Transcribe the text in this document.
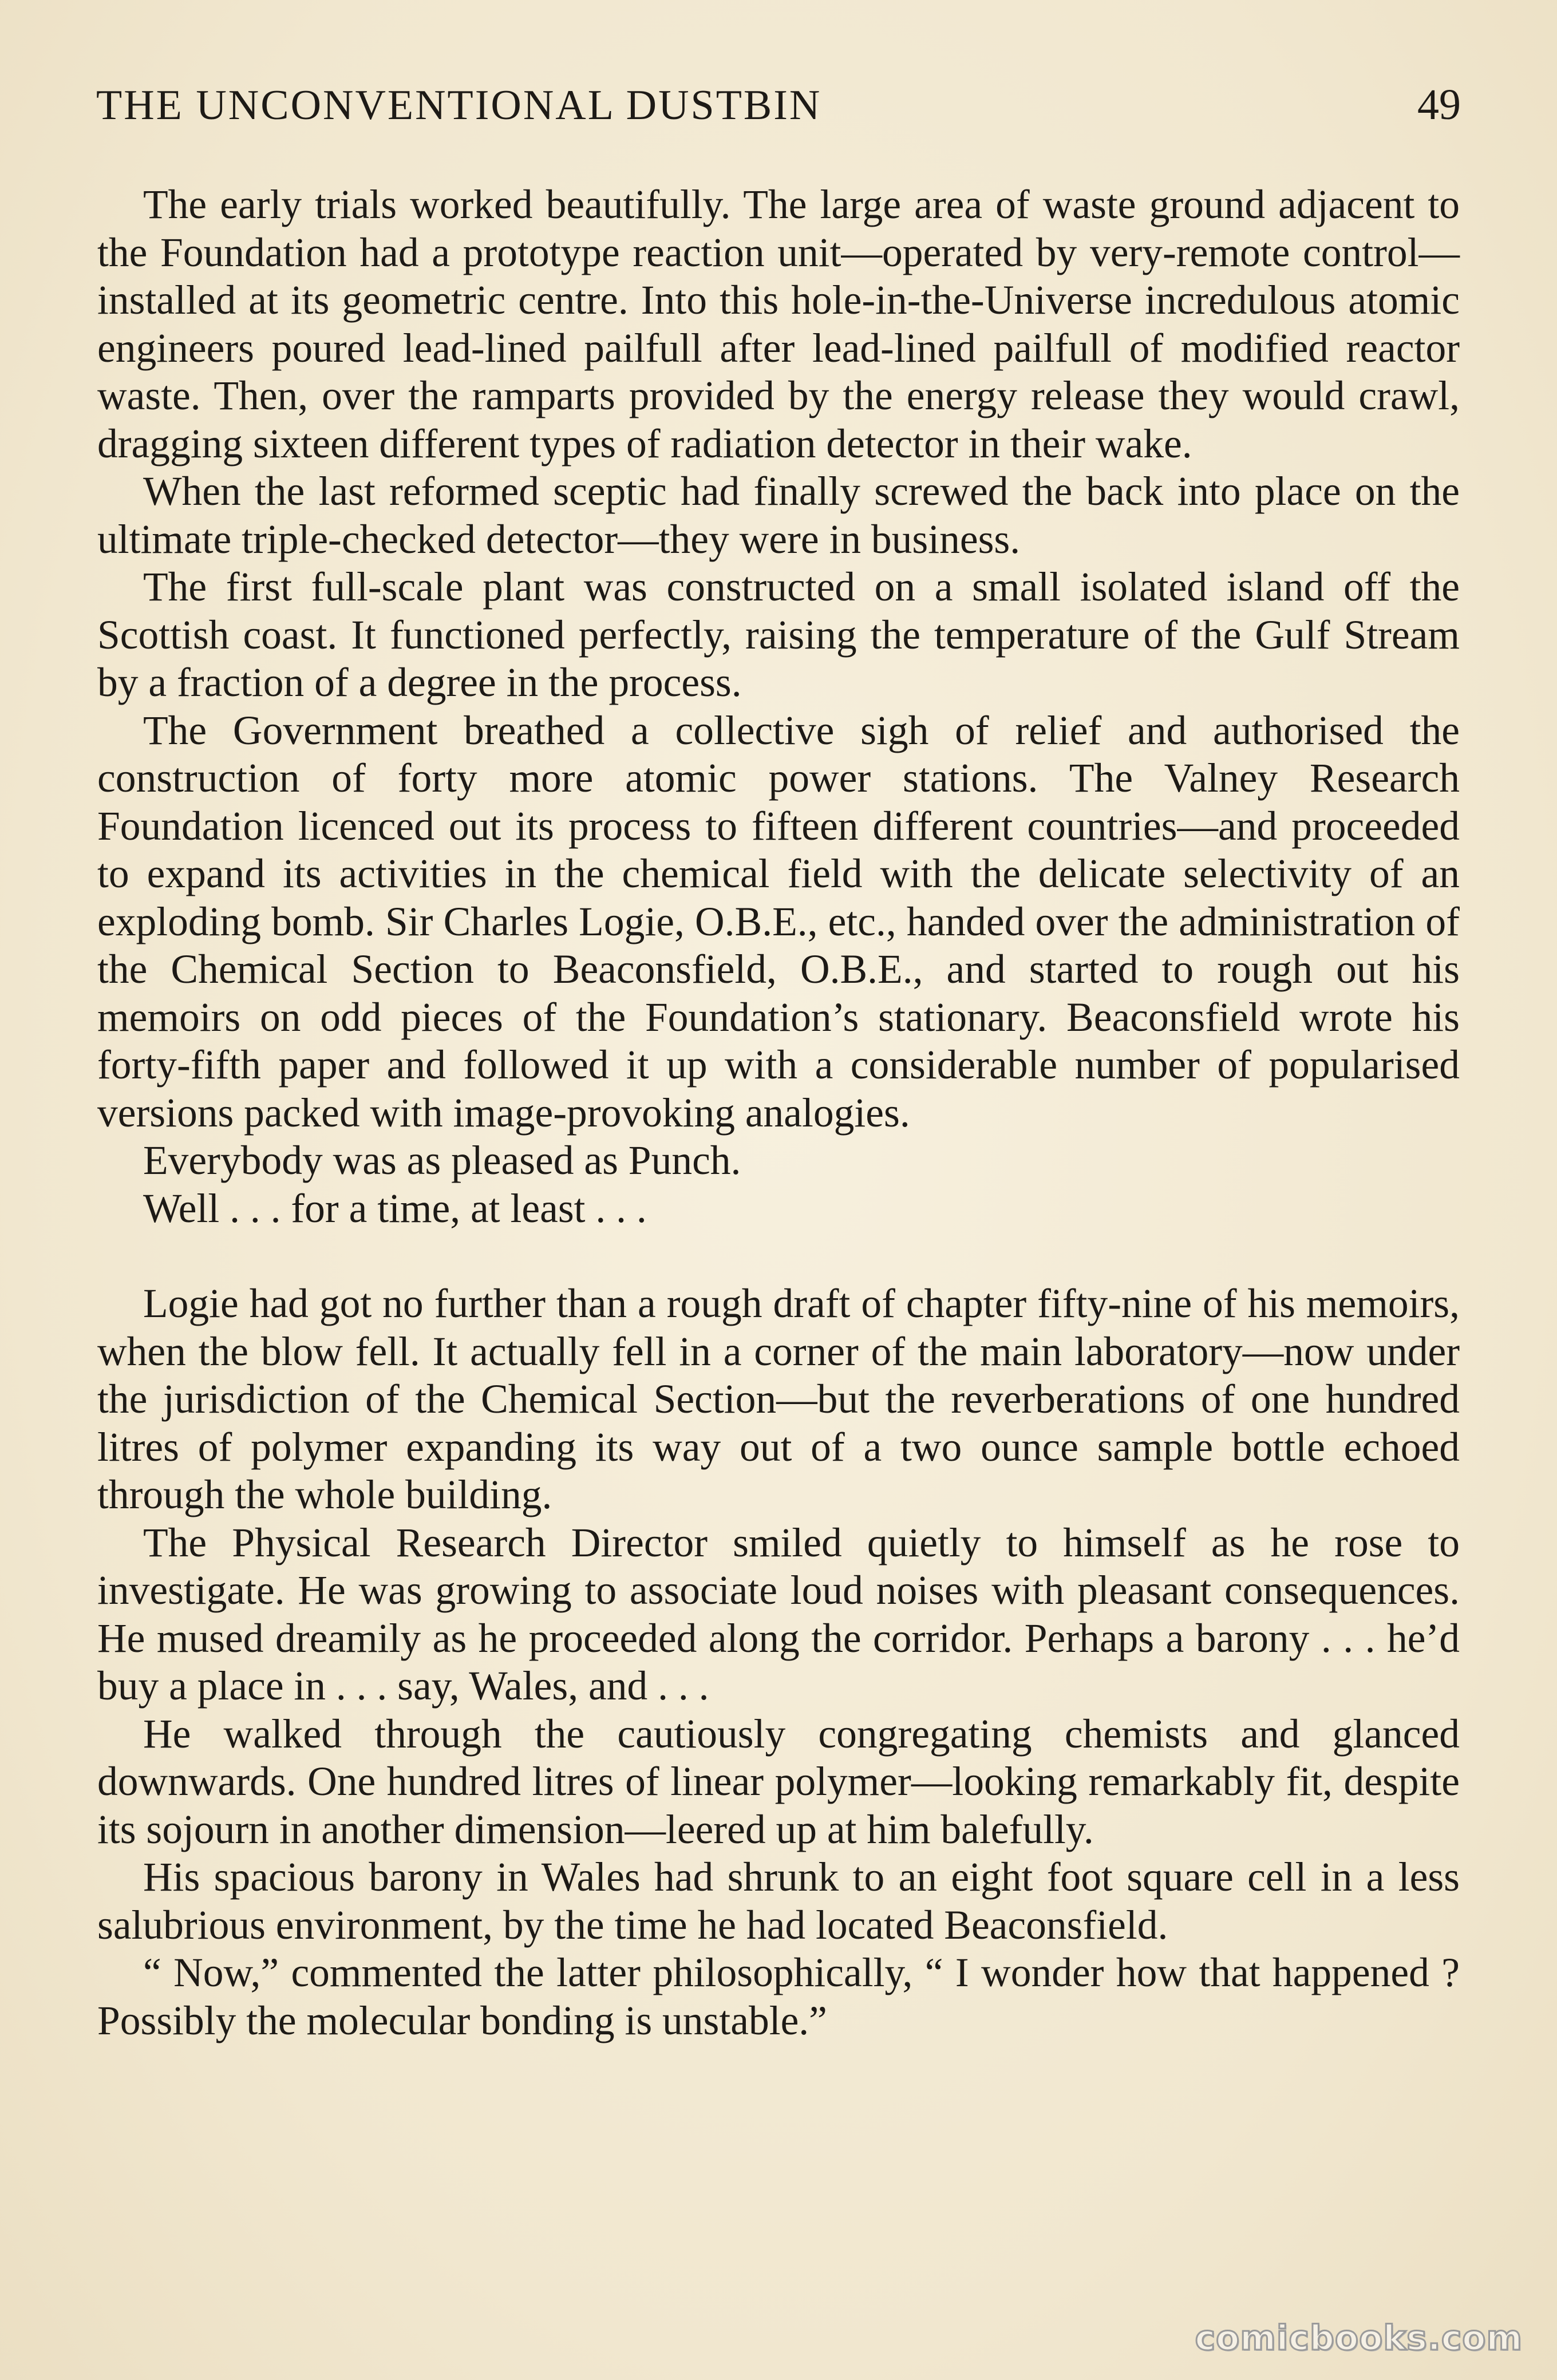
THE UNCONVENTIONAL DUSTBIN	49

The early trials worked beautifully. The large area of waste ground adjacent to the Foundation had a prototype reaction unit—operated by very-remote control—installed at its geometric centre. Into this hole-in-the-Universe incredulous atomic engineers poured lead-lined pailfull after lead-lined pailfull of modified reactor waste. Then, over the ramparts provided by the energy release they would crawl, dragging sixteen different types of radiation detector in their wake.

When the last reformed sceptic had finally screwed the back into place on the ultimate triple-checked detector—they were in business.

The first full-scale plant was constructed on a small isolated island off the Scottish coast. It functioned perfectly, raising the temperature of the Gulf Stream by a fraction of a degree in the process.

The Government breathed a collective sigh of relief and authorised the construction of forty more atomic power stations. The Valney Research Foundation licenced out its process to fifteen different countries—and proceeded to expand its activities in the chemical field with the delicate selectivity of an exploding bomb. Sir Charles Logie, O.B.E., etc., handed over the administration of the Chemical Section to Beaconsfield, O.B.E., and started to rough out his memoirs on odd pieces of the Foundation’s stationary. Beaconsfield wrote his forty-fifth paper and followed it up with a considerable number of popularised versions packed with image-provoking analogies.

Everybody was as pleased as Punch.

Well . . . for a time, at least . . .

Logie had got no further than a rough draft of chapter fifty-nine of his memoirs, when the blow fell. It actually fell in a corner of the main laboratory—now under the jurisdiction of the Chemical Section—but the reverberations of one hundred litres of polymer expanding its way out of a two ounce sample bottle echoed through the whole building.

The Physical Research Director smiled quietly to himself as he rose to investigate. He was growing to associate loud noises with pleasant consequences. He mused dreamily as he proceeded along the corridor. Perhaps a barony . . . he’d buy a place in . . . say, Wales, and . . .

He walked through the cautiously congregating chemists and glanced downwards. One hundred litres of linear polymer—looking remarkably fit, despite its sojourn in another dimension—leered up at him balefully.

His spacious barony in Wales had shrunk to an eight foot square cell in a less salubrious environment, by the time he had located Beaconsfield.

“ Now,” commented the latter philosophically, “ I wonder how that happened ? Possibly the molecular bonding is unstable.”

comicbooks.com
